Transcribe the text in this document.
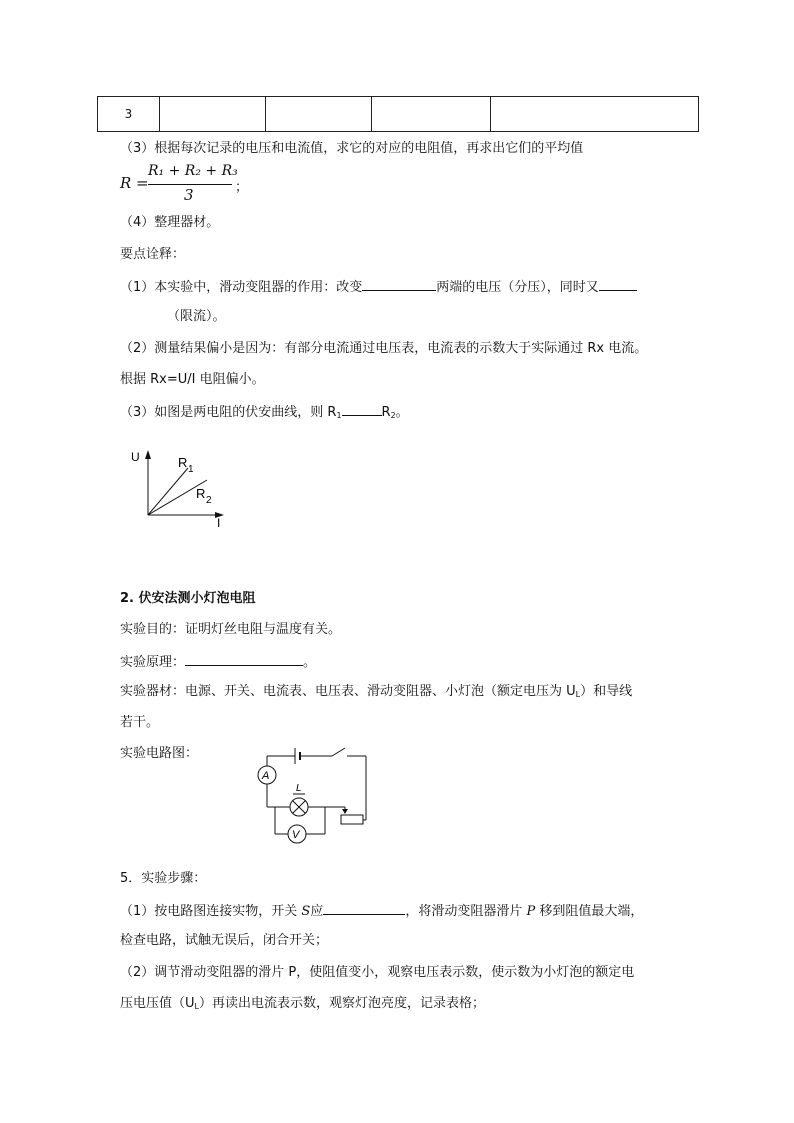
3				
（3）根据每次记录的电压和电流值，求它的对应的电阻值，再求出它们的平均值
R =
R₁ + R₂ + R₃
3	；
（4）整理器材。
要点诠释：
（1）本实验中，滑动变阻器的作用：改变	两端的电压（分压），同时又
（限流）。
（2）测量结果偏小是因为：有部分电流通过电压表，电流表的示数大于实际通过 Rx 电流。
根据 Rx=U/I 电阻偏小。
（3）如图是两电阻的伏安曲线，则 $R_1$	$R_2$。
U
I
R 1
R 2
2. 伏安法测小灯泡电阻
实验目的：证明灯丝电阻与温度有关。
实验原理：	。
实验器材：电源、开关、电流表、电压表、滑动变阻器、小灯泡（额定电压为 $U_L$）和导线
若干。
实验电路图：
A
V
L
5．实验步骤：
（1）按电路图连接实物，开关 S应	，将滑动变阻器滑片 P 移到阻值最大端，
检查电路，试触无误后，闭合开关；
（2）调节滑动变阻器的滑片 P，使阻值变小，观察电压表示数，使示数为小灯泡的额定电
压电压值$(U_L)$再读出电流表示数，观察灯泡亮度，记录表格；
